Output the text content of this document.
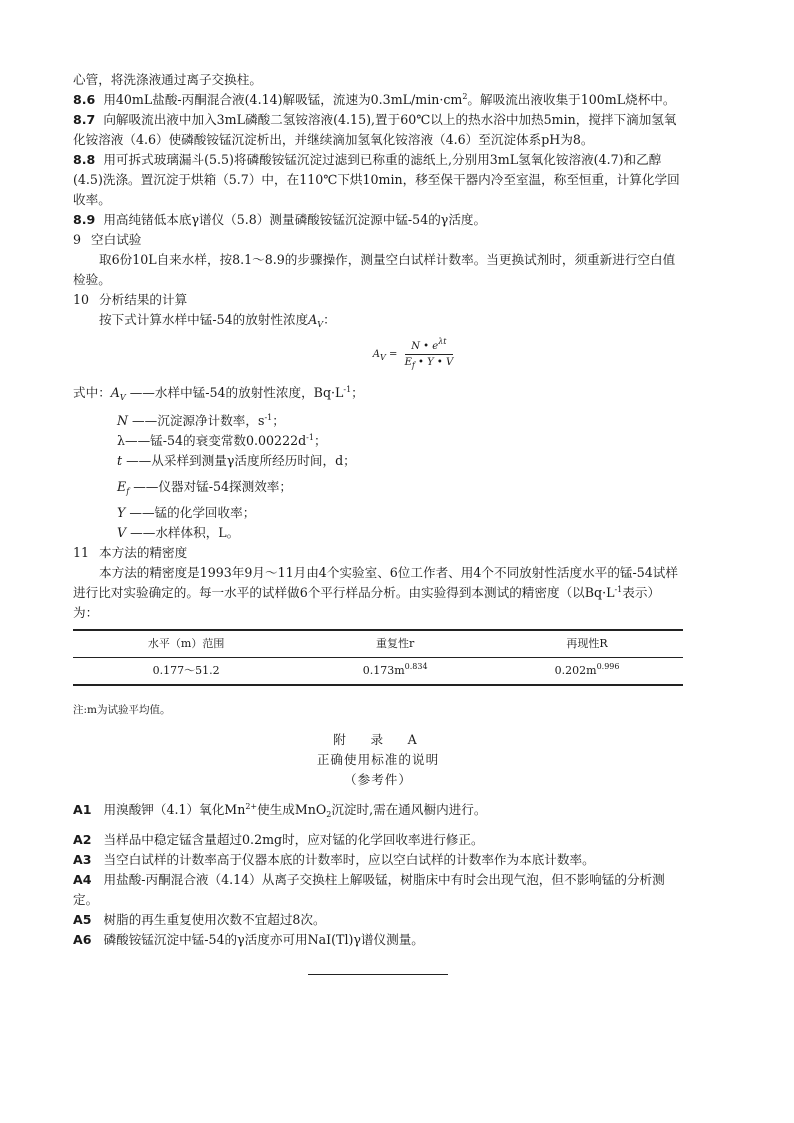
心管，将洗涤液通过离子交换柱。

8.6 用40mL盐酸-丙酮混合液(4.14)解吸锰，流速为$0.3mL/\min\cdot cm^2$。解吸流出液收集于100mL烧杯中。

8.7 向解吸流出液中加入3mL磷酸二氢铵溶液(4.15),置于60℃以上的热水浴中加热5min，搅拌下滴加氢氧化铵溶液（4.6）使磷酸铵锰沉淀析出，并继续滴加氢氧化铵溶液（4.6）至沉淀体系pH为8。

8.8 用可拆式玻璃漏斗(5.5)将磷酸铵锰沉淀过滤到已称重的滤纸上,分别用3mL氢氧化铵溶液(4.7)和乙醇(4.5)洗涤。置沉淀于烘箱（5.7）中，在110℃下烘10min，移至保干器内冷至室温，称至恒重，计算化学回收率。

8.9 用高纯锗低本底γ谱仪（5.8）测量磷酸铵锰沉淀源中锰-54的γ活度。

9 空白试验

取6份10L自来水样，按8.1～8.9的步骤操作，测量空白试样计数率。当更换试剂时，须重新进行空白值检验。

10 分析结果的计算

按下式计算水样中锰-54的放射性浓度$A_V$：

$A_V = \frac{N • e^{\lambda t}}{E_f • Y • V}$
式中：$A_V$ ——水样中锰-54的放射性浓度，$Bq\cdot L^{-1}$；
N ——沉淀源净计数率，$s^{-1}$；
λ——锰-54的衰变常数$0.00222d^{-1}$；
t ——从采样到测量γ活度所经历时间，d；
$E_f$ ——仪器对锰-54探测效率；
Y ——锰的化学回收率；
V ——水样体积，L。

11 本方法的精密度

本方法的精密度是1993年9月～11月由4个实验室、6位工作者、用4个不同放射性活度水平的锰-54试样进行比对实验确定的。每一水平的试样做6个平行样品分析。由实验得到本测试的精密度（以$Bq\cdot L^{-1}$表示）为：

水平（m）范围	重复性r	再现性R
0.177～51.2	$0.173m^{0.834}$	$0.202m^{0.996}$

注:m为试验平均值。

附　录　A

正确使用标准的说明

（参考件）

A1 用溴酸钾（4.1）氧化$Mn^{2+}$使生成MnO$_2$沉淀时,需在通风橱内进行。

A2 当样品中稳定锰含量超过0.2mg时，应对锰的化学回收率进行修正。

A3 当空白试样的计数率高于仪器本底的计数率时，应以空白试样的计数率作为本底计数率。

A4 用盐酸-丙酮混合液（4.14）从离子交换柱上解吸锰，树脂床中有时会出现气泡，但不影响锰的分析测定。

A5 树脂的再生重复使用次数不宜超过8次。

A6 磷酸铵锰沉淀中锰-54的γ活度亦可用NaI(Tl)γ谱仪测量。
